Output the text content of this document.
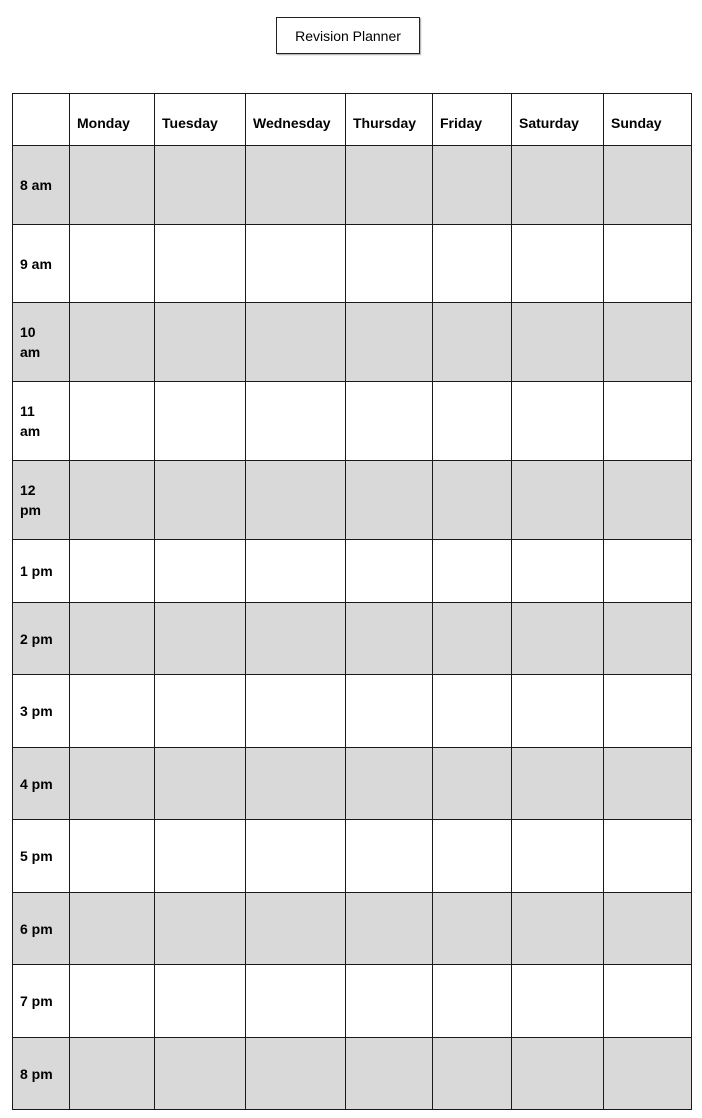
Revision Planner
	Monday	Tuesday	Wednesday	Thursday	Friday	Saturday	Sunday
8 am							
9 am							
10 am							
11 am							
12 pm							
1 pm							
2 pm							
3 pm							
4 pm							
5 pm							
6 pm							
7 pm							
8 pm							
